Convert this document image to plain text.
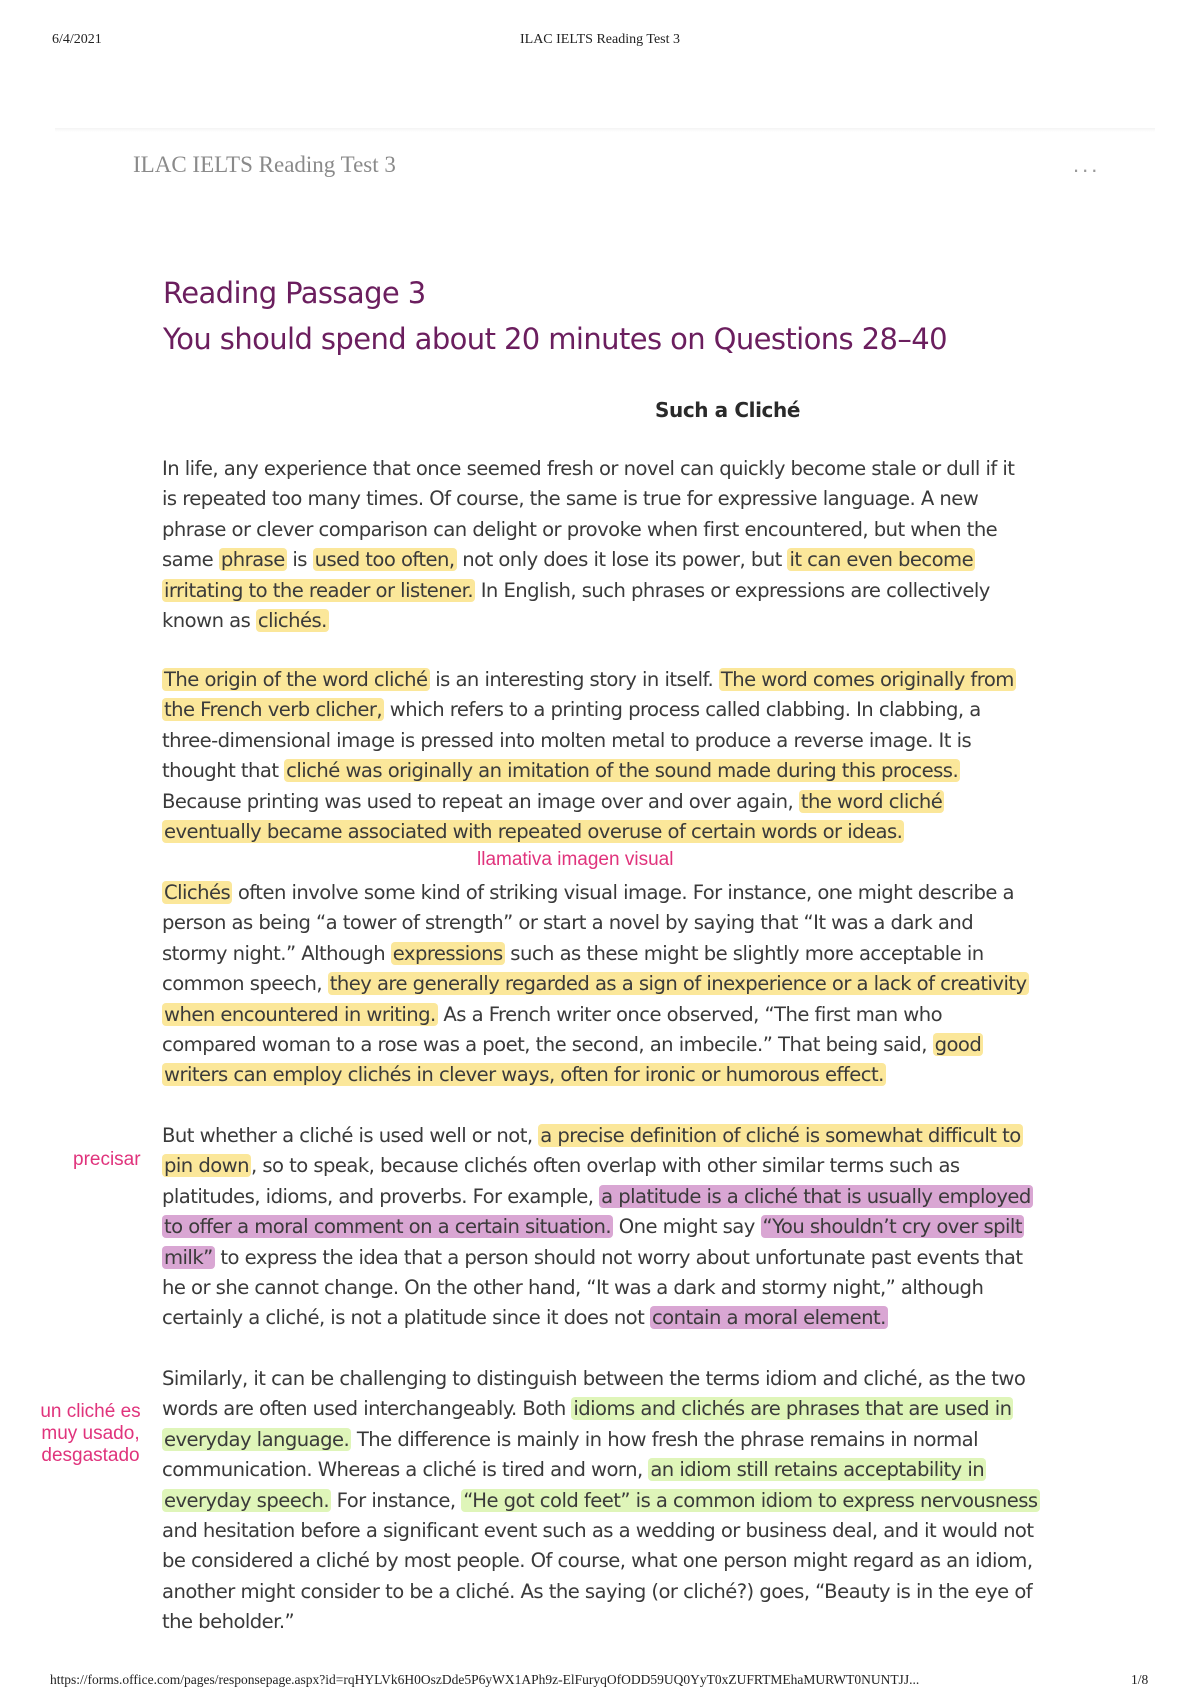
6/4/2021	ILAC IELTS Reading Test 3
ILAC IELTS Reading Test 3	...
Reading Passage 3
You should spend about 20 minutes on Questions 28–40
Such a Cliché
In life, any experience that once seemed fresh or novel can quickly become stale or dull if it
is repeated too many times. Of course, the same is true for expressive language. A new
phrase or clever comparison can delight or provoke when first encountered, but when the
same phrase is used too often, not only does it lose its power, but it can even become
irritating to the reader or listener. In English, such phrases or expressions are collectively
known as clichés.
The origin of the word cliché is an interesting story in itself. The word comes originally from
the French verb clicher, which refers to a printing process called clabbing. In clabbing, a
three-dimensional image is pressed into molten metal to produce a reverse image. It is
thought that cliché was originally an imitation of the sound made during this process.
Because printing was used to repeat an image over and over again, the word cliché
eventually became associated with repeated overuse of certain words or ideas.
Clichés often involve some kind of striking visual image. For instance, one might describe a
person as being “a tower of strength” or start a novel by saying that “It was a dark and
stormy night.” Although expressions such as these might be slightly more acceptable in
common speech, they are generally regarded as a sign of inexperience or a lack of creativity
when encountered in writing. As a French writer once observed, “The first man who
compared woman to a rose was a poet, the second, an imbecile.” That being said, good
writers can employ clichés in clever ways, often for ironic or humorous effect.
But whether a cliché is used well or not, a precise definition of cliché is somewhat difficult to
pin down , so to speak, because clichés often overlap with other similar terms such as
platitudes, idioms, and proverbs. For example, a platitude is a cliché that is usually employed
to offer a moral comment on a certain situation. One might say “You shouldn’t cry over spilt
milk” to express the idea that a person should not worry about unfortunate past events that
he or she cannot change. On the other hand, “It was a dark and stormy night,” although
certainly a cliché, is not a platitude since it does not contain a moral element.
Similarly, it can be challenging to distinguish between the terms idiom and cliché, as the two
words are often used interchangeably. Both idioms and clichés are phrases that are used in
everyday language. The difference is mainly in how fresh the phrase remains in normal
communication. Whereas a cliché is tired and worn, an idiom still retains acceptability in
everyday speech. For instance, “He got cold feet” is a common idiom to express nervousness
and hesitation before a significant event such as a wedding or business deal, and it would not
be considered a cliché by most people. Of course, what one person might regard as an idiom,
another might consider to be a cliché. As the saying (or cliché?) goes, “Beauty is in the eye of
the beholder.”
llamativa imagen visual
precisar
un cliché es muy usado, desgastado
https://forms.office.com/pages/responsepage.aspx?id=rqHYLVk6H0OszDde5P6yWX1APh9z-ElFuryqOfODD59UQ0YyT0xZUFRTMEhaMURWT0NUNTJJ...	1/8
